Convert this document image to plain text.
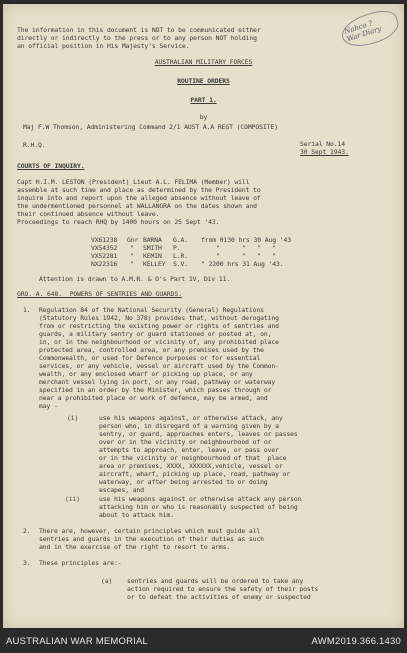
Nahco ?
War Diary
The information in this document is NOT to be communicated either
directly or indirectly to the press or to any person NOT holding
an official position in His Majesty's Service.
AUSTRALIAN MILITARY FORCES
ROUTINE ORDERS
PART 1.
by
Maj F.W Thomson, Administering Command 2/1 AUST A.A REGT (COMPOSITE)
R.H.Q.	Serial No.14
30 Sept 1943.
COURTS OF INQUIRY.
Capt H.I.M. LESTON (President) Lieut A.L. FELIMA (Member) will
assemble at such time and place as determined by the President to
inquire into and report upon the alleged absence without leave of
the undermentioned personnel at WALLANGRA on the dates shown and
their continued absence without leave.
Proceedings to reach RHQ by 1400 hours on 25 Sept '43.
VX61238 Gnr BARNA G.A. from 0130 hrs 30 Aug '43
VX54352 " SMITH P.	"      "   "   "
VX52281 " KEMIN L.R.	"      "   "   "
NX22316 " KELLEY S.V. " 2200 hrs 31 Aug '43.
Attention is drawn to A.M.R. & O's Part 1V, Div 11.
GRO. A. 648.  POWERS OF SENTRIES AND GUARDS.
1. Regulation 84 of the National Security (General) Regulations
(Statutory Rules 1942, No 378) provides that, without derogating
from or restricting the existing power or rights of sentries and
guards, a military sentry or guard stationed or posted at, on,
in, or in the neighbourhood or vicinity of, any prohibited place
protected area, controlled area, or any premises used by the
Commonwealth, or used for Defence purposes or for essential
services, or any vehicle, vessel or aircraft used by the Common-
wealth, or any enclosed wharf or picking up place, or any
merchant vessel lying in port, or any road, pathway or waterway
specified in an order by the Minister, which passes through or
near a prohibited place or work of defence, may be armed, and
may -
(i)	use his weapons against, or otherwise attack, any
person who, in disregard of a warning given by a
sentry, or guard, approaches enters, leaves or passes
over or in the vicinity or neighbourhood of or
attempts to approach, enter, leave, or pass over
or in the vicinity or neighbourhood of that  place
area or premises, XXXX, XXXXXX,vehicle, vessel or
aircraft, wharf, picking up place, road, pathway or
waterway, or after being arrested to or doing
escapes, and
(ii)	use his weapons against or otherwise attack any person
attacking him or who is reasonably suspected of being
about to attack him.
2. There are, however, certain principles which must guide all
sentries and guards in the execution of their duties as such
and in the exercise of the right to resort to arms.
3. These principles are:-
(a) sentries and guards will be ordered to take any
action required to ensure the safety of their posts
or to defeat the activities of enemy or suspected
AUSTRALIAN WAR MEMORIAL	AWM2019.366.1430
